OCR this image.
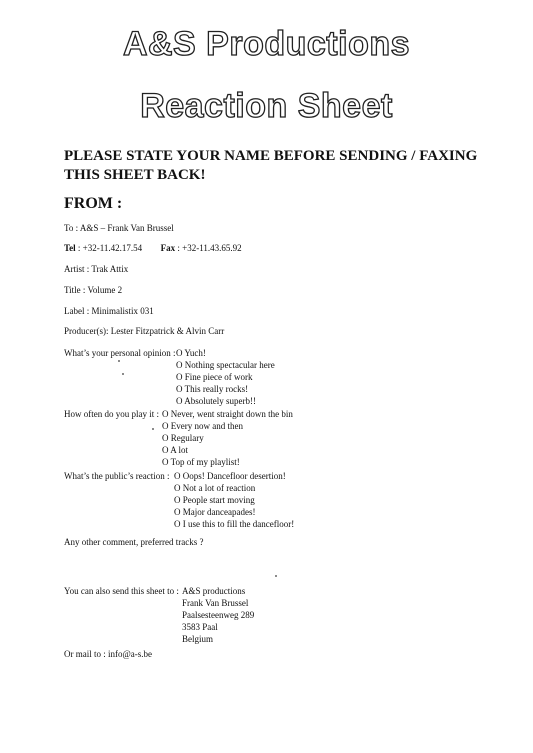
A&S Productions
Reaction Sheet
PLEASE STATE YOUR NAME BEFORE SENDING / FAXING THIS SHEET BACK!
FROM :
To : A&S – Frank Van Brussel
Tel : +32-11.42.17.54 Fax : +32-11.43.65.92
Artist : Trak Attix
Title : Volume 2
Label : Minimalistix 031
Producer(s): Lester Fitzpatrick & Alvin Carr
What’s your personal opinion : O Yuch!
O Nothing spectacular here
O Fine piece of work
O This really rocks!
O Absolutely superb!!
How often do you play it : O Never, went straight down the bin
O Every now and then
O Regulary
O A lot
O Top of my playlist!
What’s the public’s reaction : O Oops! Dancefloor desertion!
O Not a lot of reaction
O People start moving
O Major danceapades!
O I use this to fill the dancefloor!
Any other comment, preferred tracks ?
You can also send this sheet to : A&S productions
Frank Van Brussel
Paalsesteenweg 289
3583 Paal
Belgium
Or mail to : info@a-s.be
